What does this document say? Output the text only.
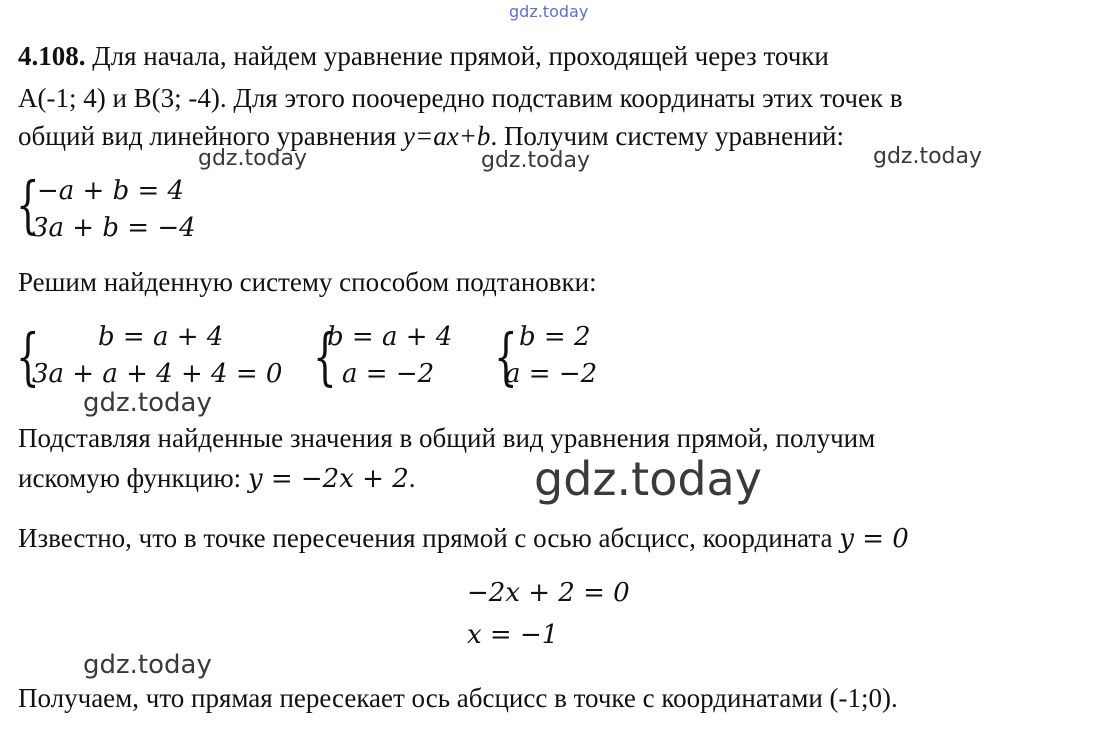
gdz.today
gdz.today	gdz.today	gdz.today
gdz.today
gdz.today
gdz.today
4.108. Для начала, найдем уравнение прямой, проходящей через точки
A(-1; 4) и B(3; -4). Для этого поочередно подставим координаты этих точек в
общий вид линейного уравнения y=ax+b. Получим систему уравнений:
{
−a + b = 4
3a + b = −4
Решим найденную систему способом подтановки:
{ b = a + 4
3a + a + 4 + 4 = 0 {
b = a + 4
a = −2 { b = 2
a = −2
Подставляя найденные значения в общий вид уравнения прямой, получим
искомую функцию: y = −2x + 2.
Известно, что в точке пересечения прямой с осью абсцисс, координата y = 0
−2x + 2 = 0
x = −1
Получаем, что прямая пересекает ось абсцисс в точке с координатами (-1;0).
